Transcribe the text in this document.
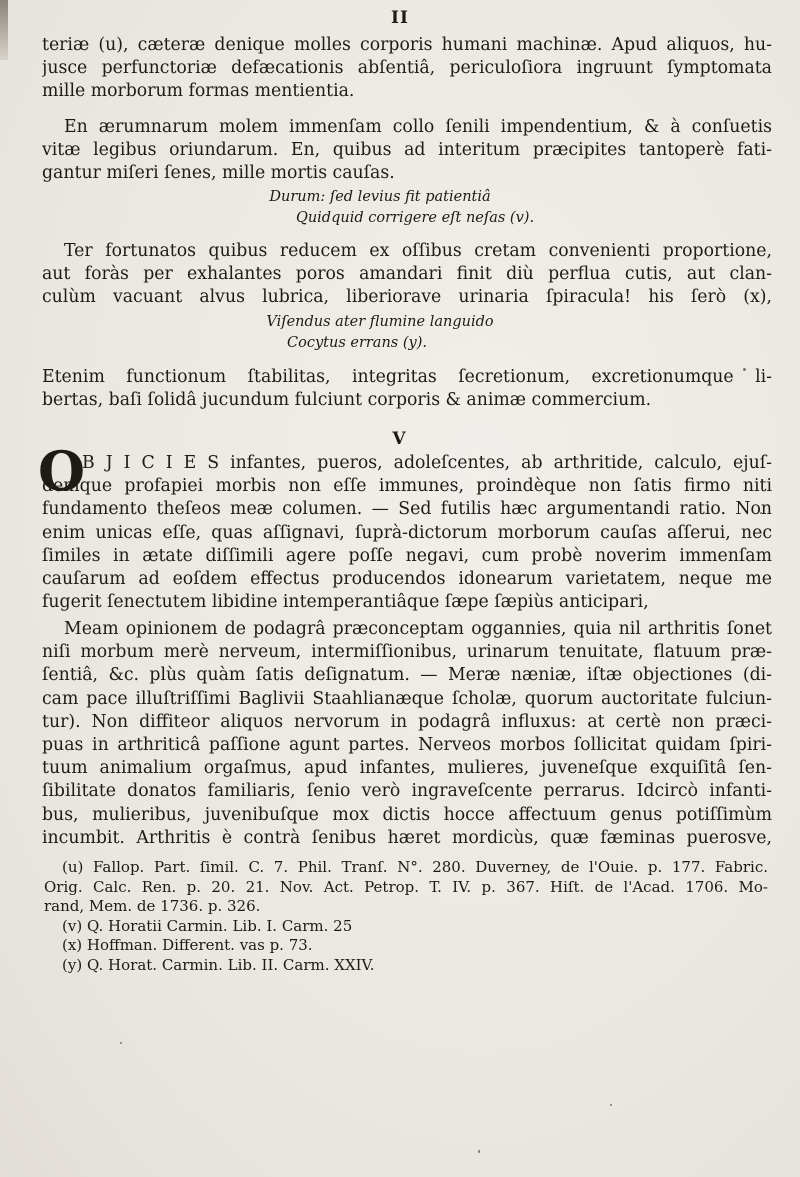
II
teriæ (u), cæteræ denique molles corporis humani machinæ. Apud aliquos, hu-
jusce perfunctoriæ defæcationis abſentiâ, periculoſiora ingruunt ſymptomata
mille morborum formas mentientia.
En ærumnarum molem immenſam collo ſenili impendentium, & à conſuetis
vitæ legibus oriundarum. En, quibus ad interitum præcipites tantoperè fati-
gantur miſeri ſenes, mille mortis cauſas.
Durum: ſed levius fit patientiâ
Quidquid corrigere eſt neſas (v).
Ter fortunatos quibus reducem ex oſſibus cretam convenienti proportione,
aut foràs per exhalantes poros amandari finit diù perflua cutis, aut clan-
culùm vacuant alvus lubrica, liberiorave urinaria ſpiracula! his ſerò (x),
Viſendus ater flumine languido
Cocytus errans (y).
Etenim functionum ſtabilitas, integritas ſecretionum, excretionumque li-
bertas, baſi ſolidâ jucundum fulciunt corporis & animæ commercium.
V
O
B J I C I E S infantes, pueros, adoleſcentes, ab arthritide, calculo, ejuſ-
demque profapiei morbis non eſſe immunes, proindèque non ſatis firmo niti
fundamento theſeos meæ columen. — Sed futilis hæc argumentandi ratio. Non
enim unicas eſſe, quas aſſignavi, ſuprà-dictorum morborum cauſas aſſerui, nec
ſimiles in ætate diſſimili agere poſſe negavi, cum probè noverim immenſam
cauſarum ad eoſdem effectus producendos idonearum varietatem, neque me
fugerit ſenectutem libidine intemperantiâque ſæpe ſæpiùs anticipari,
Meam opinionem de podagrâ præconceptam oggannies, quia nil arthritis ſonet
niſi morbum merè nerveum, intermiſſionibus, urinarum tenuitate, flatuum præ-
ſentiâ, &c. plùs quàm ſatis deſignatum. — Meræ næniæ, iſtæ objectiones (di-
cam pace illuſtriſſimi Baglivii Staahlianæque ſcholæ, quorum auctoritate fulciun-
tur). Non diffiteor aliquos nervorum in podagrâ influxus: at certè non præci-
puas in arthriticâ paſſione agunt partes. Nerveos morbos ſollicitat quidam ſpiri-
tuum animalium orgaſmus, apud infantes, mulieres, juveneſque exquiſitâ ſen-
ſibilitate donatos familiaris, ſenio verò ingraveſcente perrarus. Idcircò infanti-
bus, mulieribus, juvenibuſque mox dictis hocce affectuum genus potiſſimùm
incumbit. Arthritis è contrà ſenibus hæret mordicùs, quæ fæminas puerosve,
(u) Fallop. Part. ſimil. C. 7. Phil. Tranſ. N°. 280. Duverney, de l'Ouie. p. 177. Fabric.
Orig. Calc. Ren. p. 20. 21. Nov. Act. Petrop. T. IV. p. 367. Hiſt. de l'Acad. 1706. Mo-
rand, Mem. de 1736. p. 326.
(v) Q. Horatii Carmin. Lib. I. Carm. 25
(x) Hoffman. Different. vas p. 73.
(y) Q. Horat. Carmin. Lib. II. Carm. XXIV.
